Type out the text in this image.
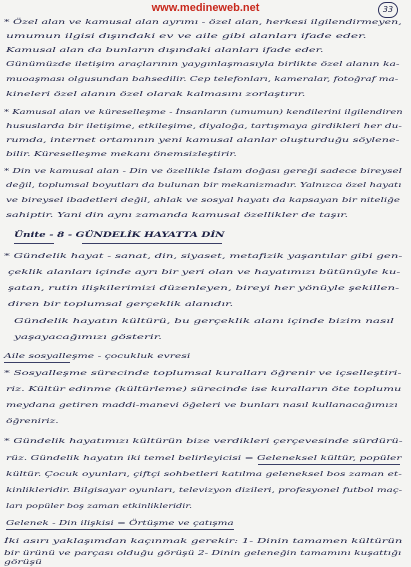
www.medineweb.net	33
* Özel alan ve kamusal alan ayrımı - özel alan, herkesi ilgilendirmeyen,
umumun ilgisi dışındaki ev ve aile gibi alanları ifade eder.
Kamusal alan da bunların dışındaki alanları ifade eder.
Günümüzde iletişim araçlarının yaygınlaşmasıyla birlikte özel alanın ka-
muoaşması olgusundan bahsedilir. Cep telefonları, kameralar, fotoğraf ma-
kineleri özel alanın özel olarak kalmasını zorlaştırır.
* Kamusal alan ve küreselleşme - İnsanların (umumun) kendilerini ilgilendiren
hususlarda bir iletişime, etkileşime, diyaloğa, tartışmaya girdikleri her du-
rumda, internet ortamının yeni kamusal alanlar oluşturduğu söylene-
bilir. Küreselleşme mekanı önemsizleştirir.
* Din ve kamusal alan - Din ve özellikle İslam doğası gereği sadece bireysel
değil, toplumsal boyutları da bulunan bir mekanizmadır. Yalnızca özel hayatı
ve bireysel ibadetleri değil, ahlak ve sosyal hayatı da kapsayan bir niteliğe
sahiptir. Yani din aynı zamanda kamusal özellikler de taşır.
Ünite - 8 - GÜNDELİK HAYATTA DİN
* Gündelik hayat - sanat, din, siyaset, metafizik yaşantılar gibi gen-
çeklik alanları içinde ayrı bir yeri olan ve hayatımızı bütünüyle ku-
şatan, rutin ilişkilerimizi düzenleyen, bireyi her yönüyle şekillen-
diren bir toplumsal gerçeklik alanıdır.
Gündelik hayatın kültürü, bu gerçeklik alanı içinde bizim nasıl
yaşayacağımızı gösterir.
Aile sosyalleşme - çocukluk evresi
* Sosyalleşme sürecinde toplumsal kuralları öğrenir ve içselleştiri-
riz. Kültür edinme (kültürleme) sürecinde ise kuralların öte toplumu
meydana getiren maddi-manevi öğeleri ve bunları nasıl kullanacağımızı
öğreniriz.
* Gündelik hayatımızı kültürün bize verdikleri çerçevesinde sürdürü-
rüz. Gündelik hayatın iki temel belirleyicisi = Geleneksel kültür, popüler
kültür. Çocuk oyunları, çiftçi sohbetleri katılma geleneksel bos zaman et-
kinlikleridir. Bilgisayar oyunları, televizyon dizileri, profesyonel futbol maç-
ları popüler boş zaman etkinlikleridir.
Gelenek - Din ilişkisi = Örtüşme ve çatışma
İki asırı yaklaşımdan kaçınmak gerekir: 1- Dinin tamamen kültürün
bir ürünü ve parçası olduğu görüşü 2- Dinin geleneğin tamamını kuşattığı
görüşü
